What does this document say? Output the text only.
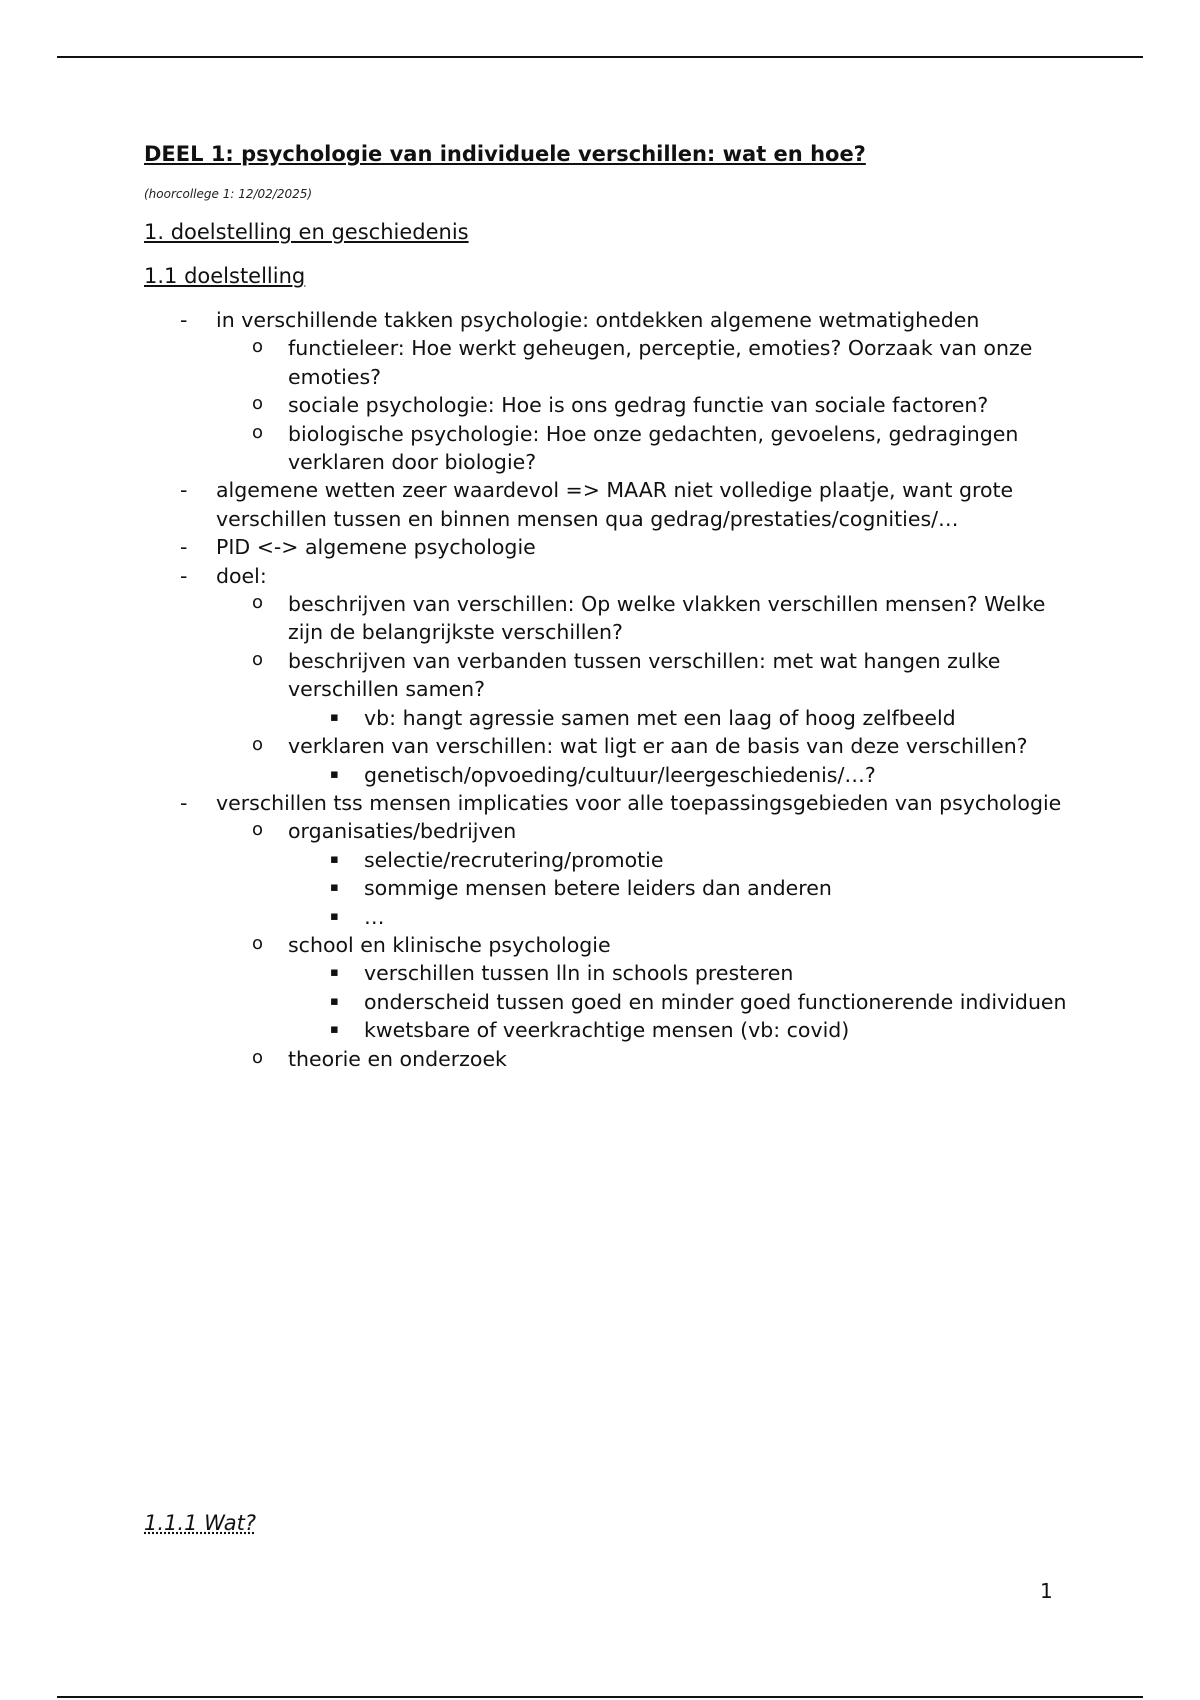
DEEL 1: psychologie van individuele verschillen: wat en hoe?
(hoorcollege 1: 12/02/2025)
1. doelstelling en geschiedenis
1.1 doelstelling
- in verschillende takken psychologie: ontdekken algemene wetmatigheden
o functieleer: Hoe werkt geheugen, perceptie, emoties? Oorzaak van onze emoties?
o sociale psychologie: Hoe is ons gedrag functie van sociale factoren?
o biologische psychologie: Hoe onze gedachten, gevoelens, gedragingen verklaren door biologie?
- algemene wetten zeer waardevol => MAAR niet volledige plaatje, want grote verschillen tussen en binnen mensen qua gedrag/prestaties/cognities/…
- PID <-> algemene psychologie
- doel:
o beschrijven van verschillen: Op welke vlakken verschillen mensen? Welke zijn de belangrijkste verschillen?
o beschrijven van verbanden tussen verschillen: met wat hangen zulke verschillen samen?
▪ vb: hangt agressie samen met een laag of hoog zelfbeeld
o verklaren van verschillen: wat ligt er aan de basis van deze verschillen?
▪ genetisch/opvoeding/cultuur/leergeschiedenis/…?
- verschillen tss mensen implicaties voor alle toepassingsgebieden van psychologie
o organisaties/bedrijven
▪ selectie/recrutering/promotie
▪ sommige mensen betere leiders dan anderen
▪ …
o school en klinische psychologie
▪ verschillen tussen lln in schools presteren
▪ onderscheid tussen goed en minder goed functionerende individuen
▪ kwetsbare of veerkrachtige mensen (vb: covid)
o theorie en onderzoek
1.1.1 Wat?
1
